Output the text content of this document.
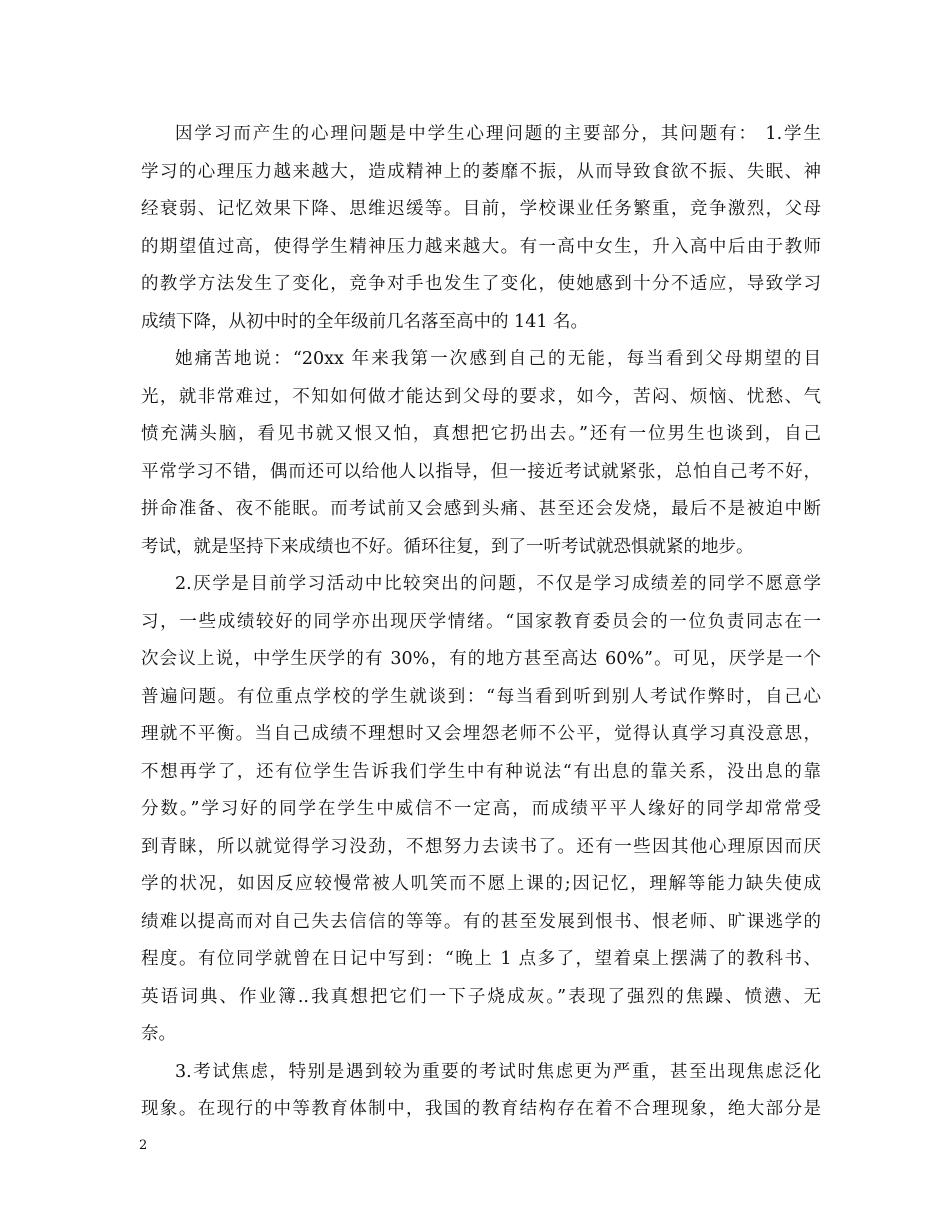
因学习而产生的心理问题是中学生心理问题的主要部分，其问题有： 1.学生
学习的心理压力越来越大，造成精神上的萎靡不振，从而导致食欲不振、失眠、神
经衰弱、记忆效果下降、思维迟缓等。目前，学校课业任务繁重，竞争激烈，父母
的期望值过高，使得学生精神压力越来越大。有一高中女生，升入高中后由于教师
的教学方法发生了变化，竞争对手也发生了变化，使她感到十分不适应，导致学习
成绩下降，从初中时的全年级前几名落至高中的 141 名。
她痛苦地说：“20xx 年来我第一次感到自己的无能，每当看到父母期望的目
光，就非常难过，不知如何做才能达到父母的要求，如今，苦闷、烦恼、忧愁、气
愤充满头脑，看见书就又恨又怕，真想把它扔出去。”还有一位男生也谈到，自己
平常学习不错，偶而还可以给他人以指导，但一接近考试就紧张，总怕自己考不好，
拼命准备、夜不能眠。而考试前又会感到头痛、甚至还会发烧，最后不是被迫中断
考试，就是坚持下来成绩也不好。循环往复，到了一听考试就恐惧就紧的地步。
2.厌学是目前学习活动中比较突出的问题，不仅是学习成绩差的同学不愿意学
习，一些成绩较好的同学亦出现厌学情绪。“国家教育委员会的一位负责同志在一
次会议上说，中学生厌学的有 30%，有的地方甚至高达 60%”。可见，厌学是一个
普遍问题。有位重点学校的学生就谈到：“每当看到听到别人考试作弊时，自己心
理就不平衡。当自己成绩不理想时又会埋怨老师不公平，觉得认真学习真没意思，
不想再学了，还有位学生告诉我们学生中有种说法“有出息的靠关系，没出息的靠
分数。”学习好的同学在学生中威信不一定高，而成绩平平人缘好的同学却常常受
到青睐，所以就觉得学习没劲，不想努力去读书了。还有一些因其他心理原因而厌
学的状况，如因反应较慢常被人叽笑而不愿上课的;因记忆，理解等能力缺失使成
绩难以提高而对自己失去信信的等等。有的甚至发展到恨书、恨老师、旷课逃学的
程度。有位同学就曾在日记中写到：“晚上 1 点多了，望着桌上摆满了的教科书、
英语词典、作业簿..我真想把它们一下子烧成灰。”表现了强烈的焦躁、愤懑、无
奈。
3.考试焦虑，特别是遇到较为重要的考试时焦虑更为严重，甚至出现焦虑泛化
现象。在现行的中等教育体制中，我国的教育结构存在着不合理现象，绝大部分是
2
